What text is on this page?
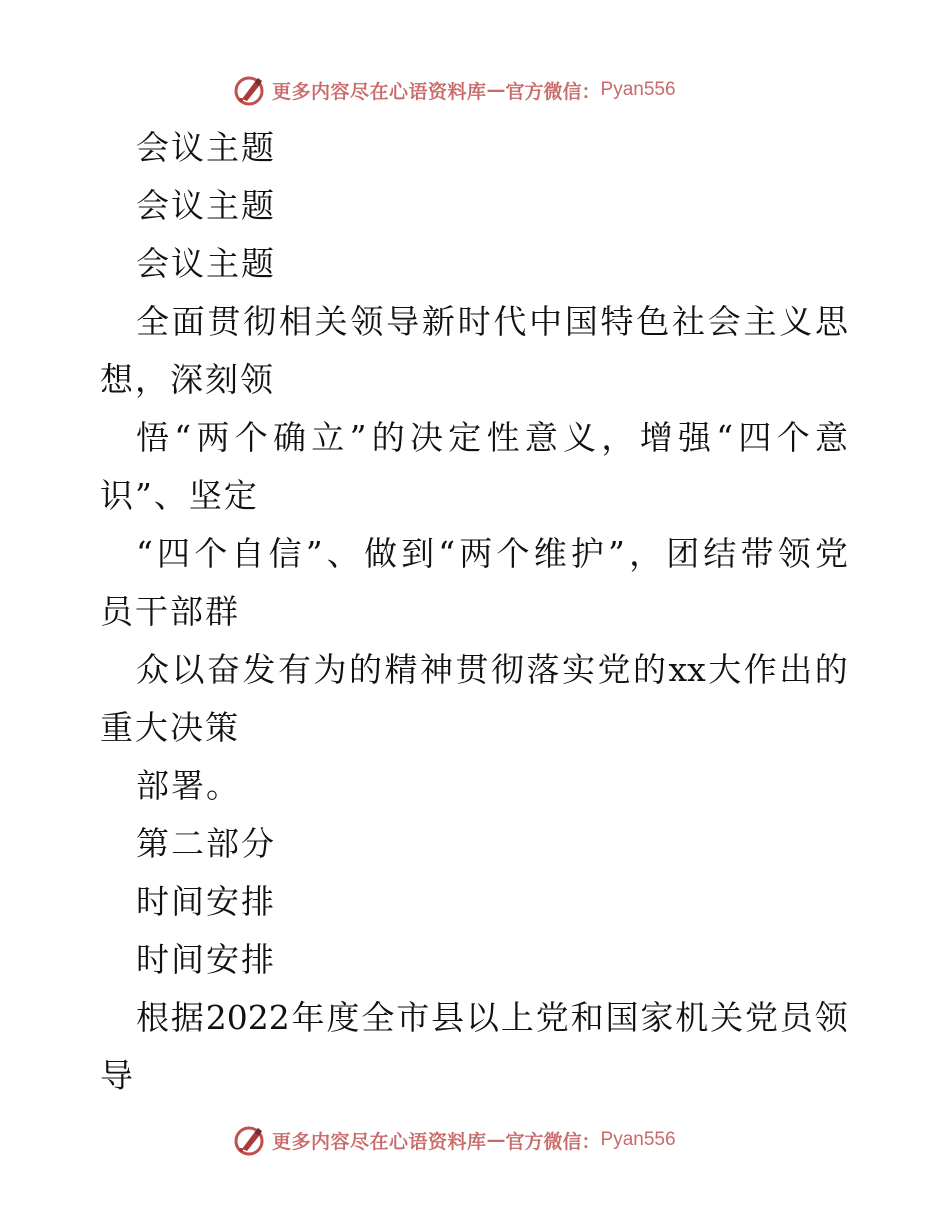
更多内容尽在心语资料库 — 官方微信： Pyan556
会议主题
会议主题
会议主题
全 面 贯 彻 相 关 领 导 新 时 代 中 国 特 色 社 会 主 义 思
想，深刻领
悟 “ 两 个 确 立 ” 的 决 定 性 意 义 ， 增 强 “ 四 个 意
识”、坚定
“ 四 个 自 信 ” 、 做 到 “ 两 个 维 护 ” ， 团 结 带 领 党
员干部群
众 以 奋 发 有 为 的 精 神 贯 彻 落 实 党 的 xx 大 作 出 的
重大决策
部署。
第二部分
时间安排
时间安排
根 据 2022 年 度 全 市 县 以 上 党 和 国 家 机 关 党 员 领
导
更多内容尽在心语资料库 — 官方微信： Pyan556
